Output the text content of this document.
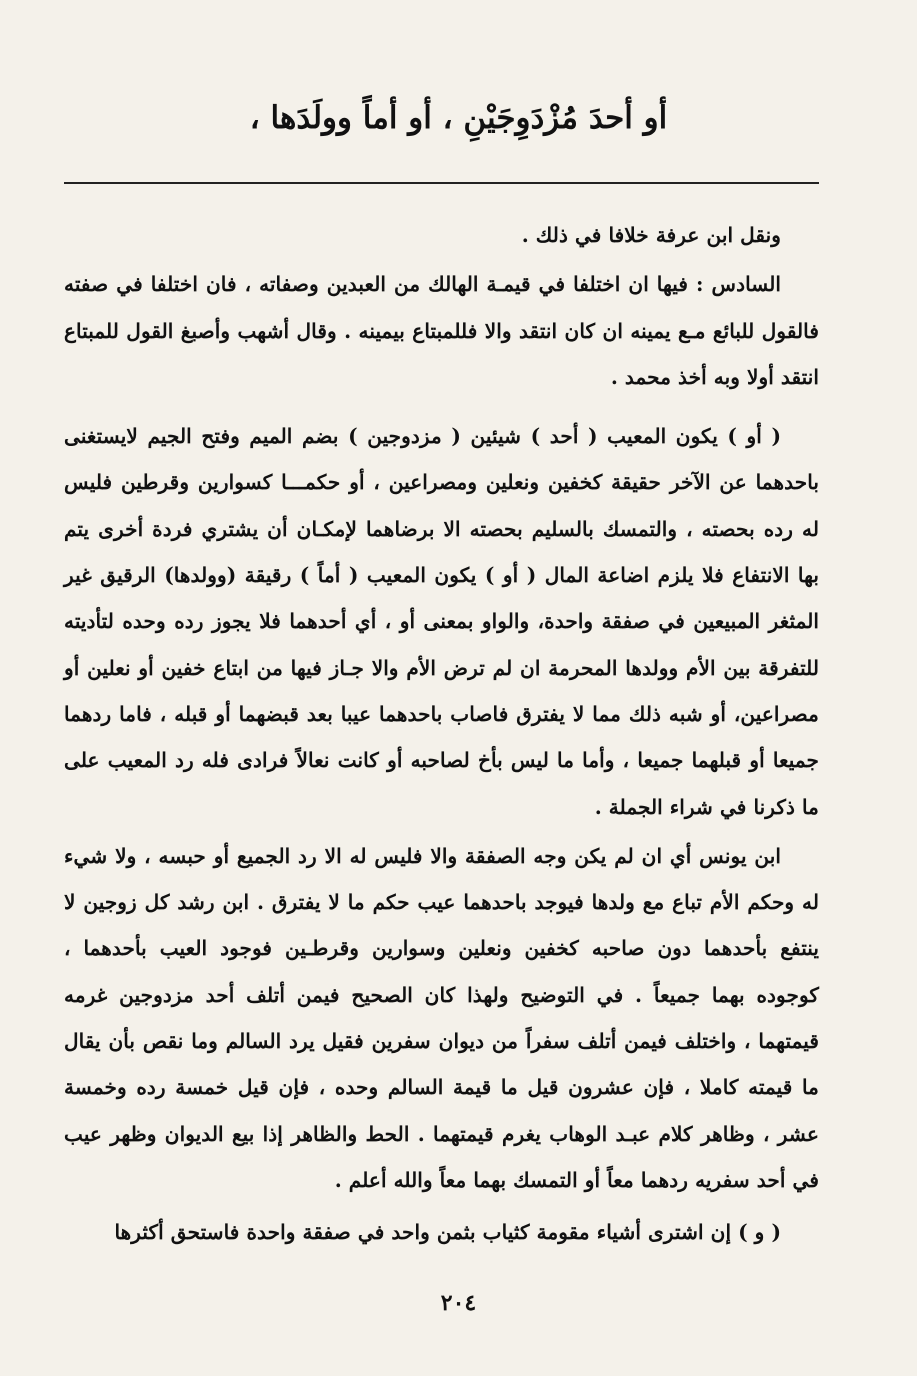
أو أحدَ مُزْدَوِجَيْنِ ، أو أماً وولَدَها ،

ونقل ابن عرفة خلافا في ذلك .

السادس : فيها ان اختلفا في قيمـة الهالك من العبدين وصفاته ، فان اختلفا في صفته فالقول للبائع مـع يمينه ان كان انتقد والا فللمبتاع بيمينه . وقال أشهب وأصبغ القول للمبتاع انتقد أولا وبه أخذ محمد .

( أو ) يكون المعيب ( أحد ) شيئين ( مزدوجين ) بضم الميم وفتح الجيم لايستغنى باحدهما عن الآخر حقيقة كخفين ونعلين ومصراعين ، أو حكمـــا كسوارين وقرطين فليس له رده بحصته ، والتمسك بالسليم بحصته الا برضاهما لإمكـان أن يشتري فردة أخرى يتم بها الانتفاع فلا يلزم اضاعة المال ( أو ) يكون المعيب ( أماً ) رقيقة (وولدها) الرقيق غير المثغر المبيعين في صفقة واحدة، والواو بمعنى أو ، أي أحدهما فلا يجوز رده وحده لتأديته للتفرقة بين الأم وولدها المحرمة ان لم ترض الأم والا جـاز فيها من ابتاع خفين أو نعلين أو مصراعين، أو شبه ذلك مما لا يفترق فاصاب باحدهما عيبا بعد قبضهما أو قبله ، فاما ردهما جميعا أو قبلهما جميعا ، وأما ما ليس بأخ لصاحبه أو كانت نعالاً فرادى فله رد المعيب على ما ذكرنا في شراء الجملة .

ابن يونس أي ان لم يكن وجه الصفقة والا فليس له الا رد الجميع أو حبسه ، ولا شيء له وحكم الأم تباع مع ولدها فيوجد باحدهما عيب حكم ما لا يفترق . ابن رشد كل زوجين لا ينتفع بأحدهما دون صاحبه كخفين ونعلين وسوارين وقرطـين فوجود العيب بأحدهما ، كوجوده بهما جميعاً . في التوضيح ولهذا كان الصحيح فيمن أتلف أحد مزدوجين غرمه قيمتهما ، واختلف فيمن أتلف سفراً من ديوان سفرين فقيل يرد السالم وما نقص بأن يقال ما قيمته كاملا ، فإن عشرون قيل ما قيمة السالم وحده ، فإن قيل خمسة رده وخمسة عشر ، وظاهر كلام عبـد الوهاب يغرم قيمتهما . الحط والظاهر إذا بيع الديوان وظهر عيب في أحد سفريه ردهما معاً أو التمسك بهما معاً والله أعلم .

( و ) إن اشترى أشياء مقومة كثياب بثمن واحد في صفقة واحدة فاستحق أكثرها

٢٠٤
